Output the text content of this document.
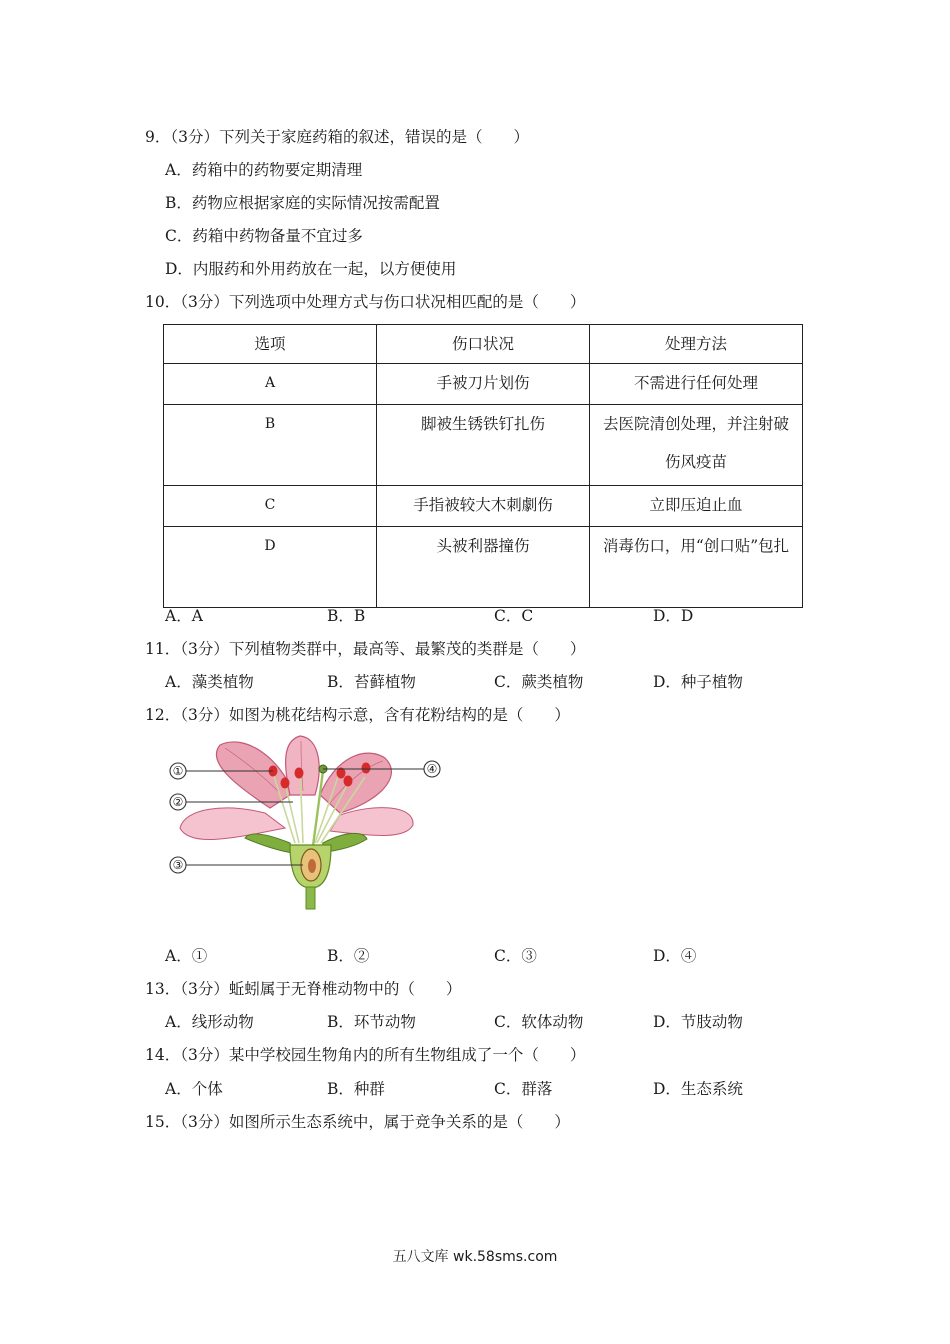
9．（3分）下列关于家庭药箱的叙述，错误的是（　　）
A．药箱中的药物要定期清理
B．药物应根据家庭的实际情况按需配置
C．药箱中药物备量不宜过多
D．内服药和外用药放在一起，以方便使用
10．（3分）下列选项中处理方式与伤口状况相匹配的是（　　）
选项	伤口状况	处理方法
A	手被刀片划伤	不需进行任何处理
B	脚被生锈铁钉扎伤	去医院清创处理，并注射破伤风疫苗
C	手指被较大木刺劇伤	立即压迫止血
D	头被利器撞伤	消毒伤口，用“创口贴”包扎
A．A	B．B	C．C	D．D
11．（3分）下列植物类群中，最高等、最繁茂的类群是（　　）
A．藻类植物	B．苔藓植物	C．蕨类植物	D．种子植物
12．（3分）如图为桃花结构示意，含有花粉结构的是（　　）
①
②
③
④
A．①	B．②	C．③	D．④
13．（3分）蚯蚓属于无脊椎动物中的（　　）
A．线形动物	B．环节动物	C．软体动物	D．节肢动物
14．（3分）某中学校园生物角内的所有生物组成了一个（　　）
A．个体	B．种群	C．群落	D．生态系统
15．（3分）如图所示生态系统中，属于竞争关系的是（　　）
五八文库 wk.58sms.com
